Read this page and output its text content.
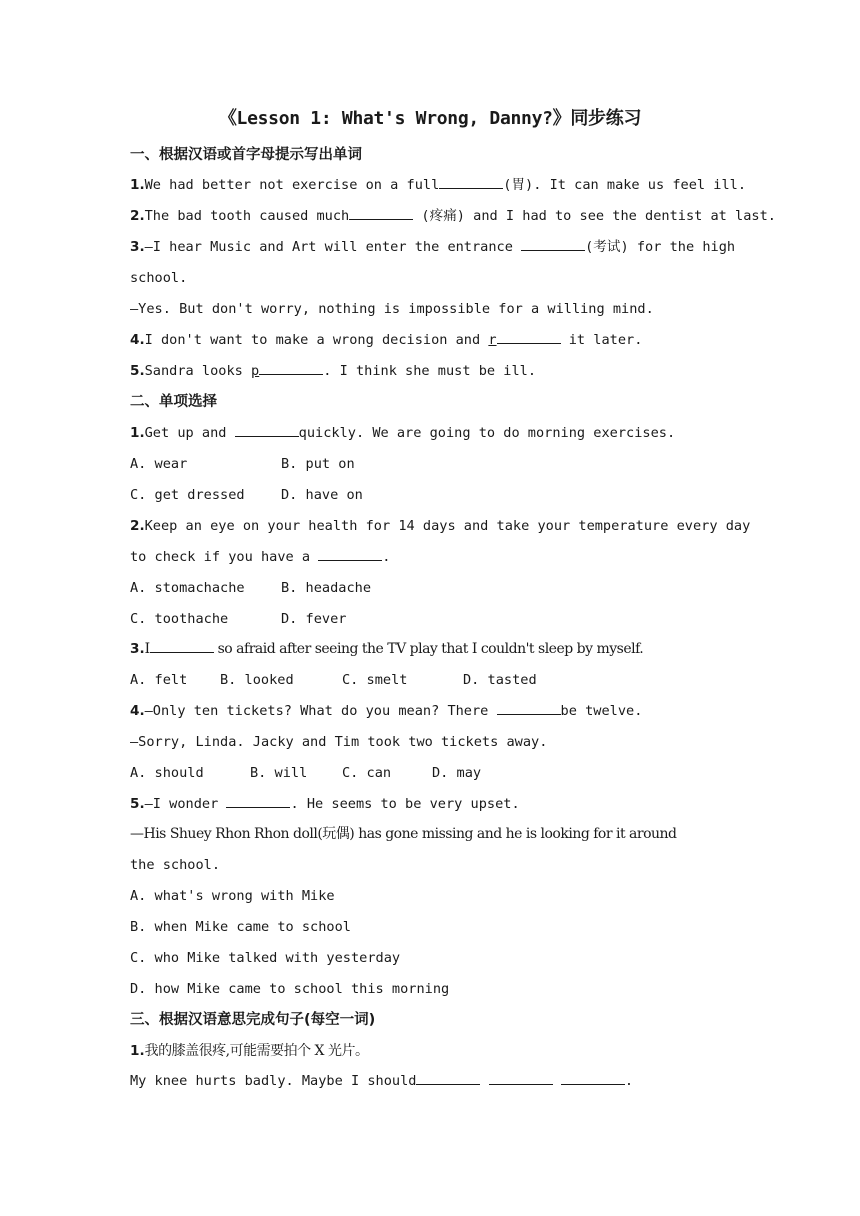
《Lesson 1: What's Wrong, Danny?》同步练习
一、根据汉语或首字母提示写出单词
1.We had better not exercise on a full	(胃). It can make us feel ill.
2.The bad tooth caused much	(疼痛) and I had to see the dentist at last.
3.—I hear Music and Art will enter the entrance	(考试) for the high
school.
—Yes. But don't worry, nothing is impossible for a willing mind.
4.I don't want to make a wrong decision and r	it later.
5.Sandra looks p	. I think she must be ill.
二、单项选择
1.Get up and	quickly. We are going to do morning exercises.
A. wear	B. put on
C. get dressed	D. have on
2.Keep an eye on your health for 14 days and take your temperature every day
to check if you have a	.
A. stomachache	B. headache
C. toothache	D. fever
3.I	so afraid after seeing the TV play that I couldn't sleep by myself.
A. felt B. looked	C. smelt	D. tasted
4.—Only ten tickets? What do you mean? There	be twelve.
—Sorry, Linda. Jacky and Tim took two tickets away.
A. should	B. will	C. can	D. may
5.—I wonder	. He seems to be very upset.
—His Shuey Rhon Rhon doll(玩偶) has gone missing and he is looking for it around
the school.
A. what's wrong with Mike
B. when Mike came to school
C. who Mike talked with yesterday
D. how Mike came to school this morning
三、根据汉语意思完成句子(每空一词)
1.我的膝盖很疼,可能需要拍个 X 光片。
My knee hurts badly. Maybe I should	.
